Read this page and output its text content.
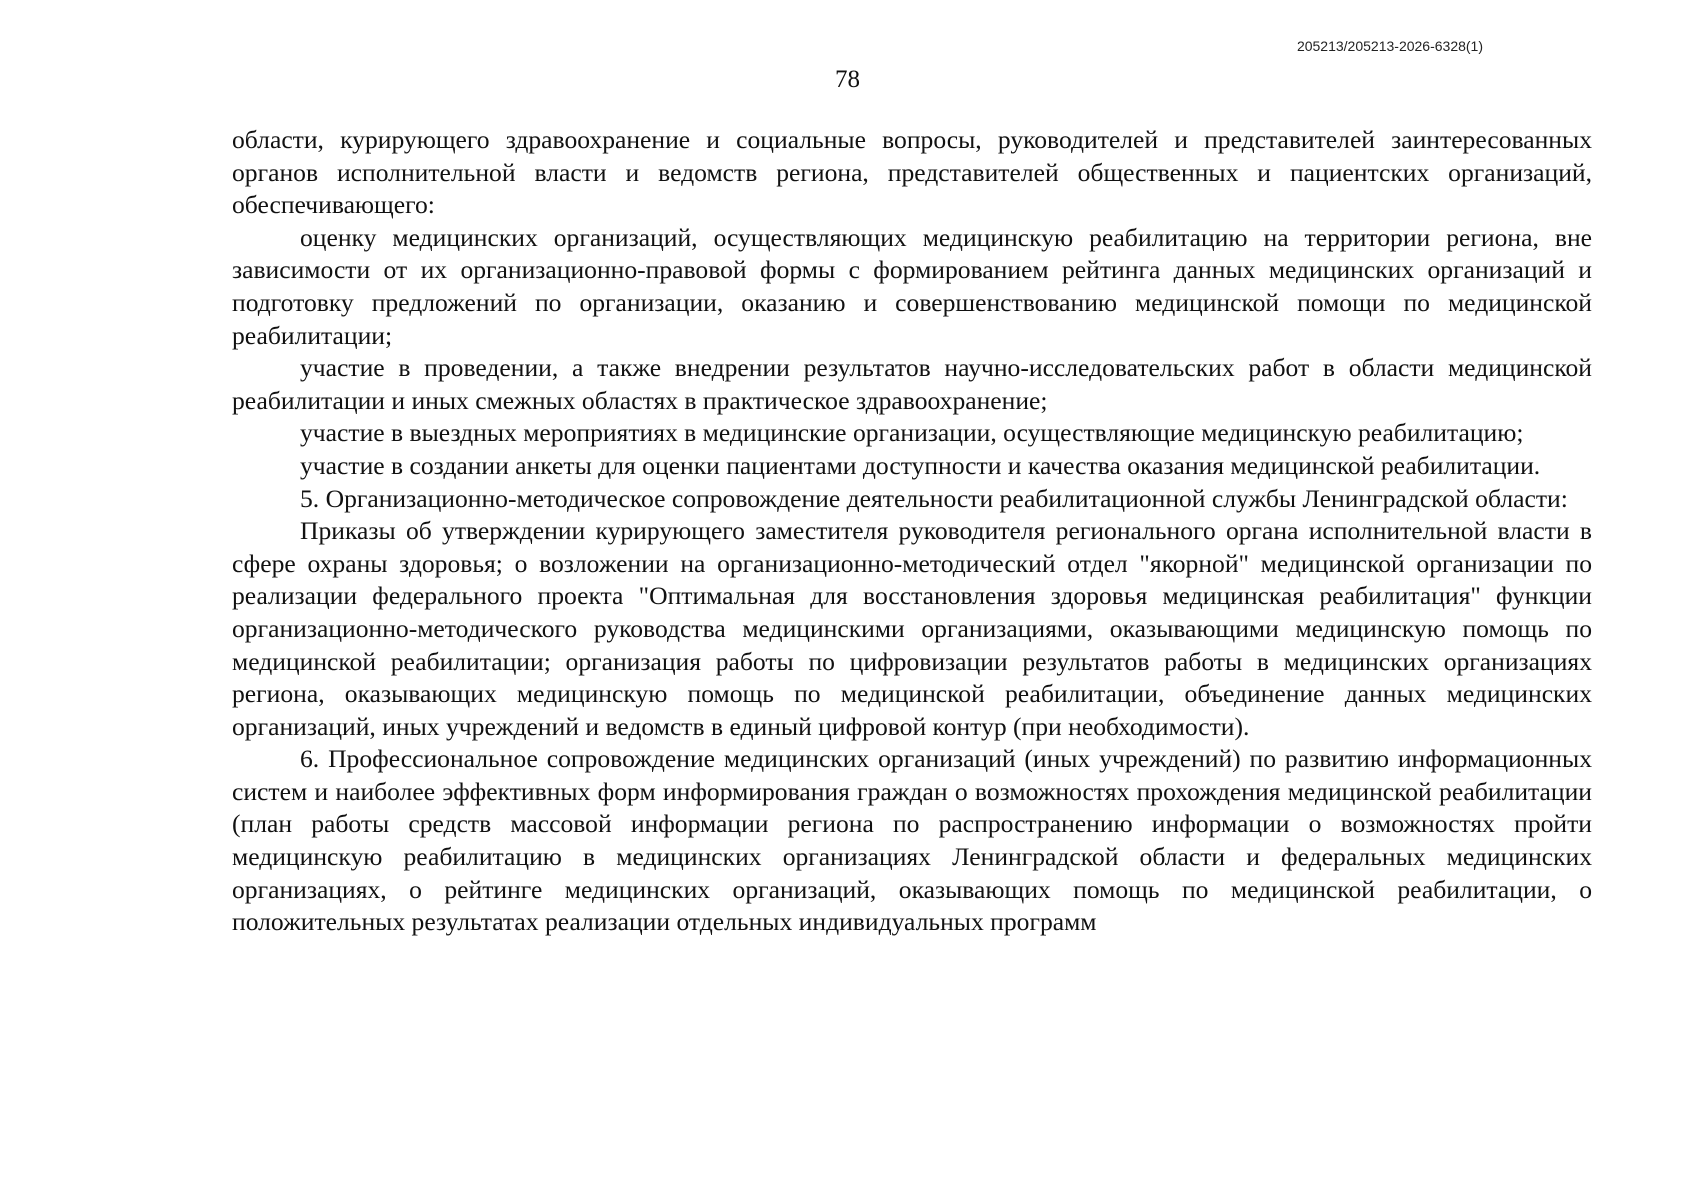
205213/205213-2026-6328(1)
78

области, курирующего здравоохранение и социальные вопросы, руководителей и представителей заинтересованных органов исполнительной власти и ведомств региона, представителей общественных и пациентских организаций, обеспечивающего:

оценку медицинских организаций, осуществляющих медицинскую реабилитацию на территории региона, вне зависимости от их организационно-правовой формы с формированием рейтинга данных медицинских организаций и подготовку предложений по организации, оказанию и совершенствованию медицинской помощи по медицинской реабилитации;

участие в проведении, а также внедрении результатов научно-исследовательских работ в области медицинской реабилитации и иных смежных областях в практическое здравоохранение;

участие в выездных мероприятиях в медицинские организации, осуществляющие медицинскую реабилитацию;

участие в создании анкеты для оценки пациентами доступности и качества оказания медицинской реабилитации.

5. Организационно-методическое сопровождение деятельности реабилитационной службы Ленинградской области:

Приказы об утверждении курирующего заместителя руководителя регионального органа исполнительной власти в сфере охраны здоровья; о возложении на организационно-методический отдел "якорной" медицинской организации по реализации федерального проекта "Оптимальная для восстановления здоровья медицинская реабилитация" функции организационно-методического руководства медицинскими организациями, оказывающими медицинскую помощь по медицинской реабилитации; организация работы по цифровизации результатов работы в медицинских организациях региона, оказывающих медицинскую помощь по медицинской реабилитации, объединение данных медицинских организаций, иных учреждений и ведомств в единый цифровой контур (при необходимости).

6. Профессиональное сопровождение медицинских организаций (иных учреждений) по развитию информационных систем и наиболее эффективных форм информирования граждан о возможностях прохождения медицинской реабилитации (план работы средств массовой информации региона по распространению информации о возможностях пройти медицинскую реабилитацию в медицинских организациях Ленинградской области и федеральных медицинских организациях, о рейтинге медицинских организаций, оказывающих помощь по медицинской реабилитации, о положительных результатах реализации отдельных индивидуальных программ
